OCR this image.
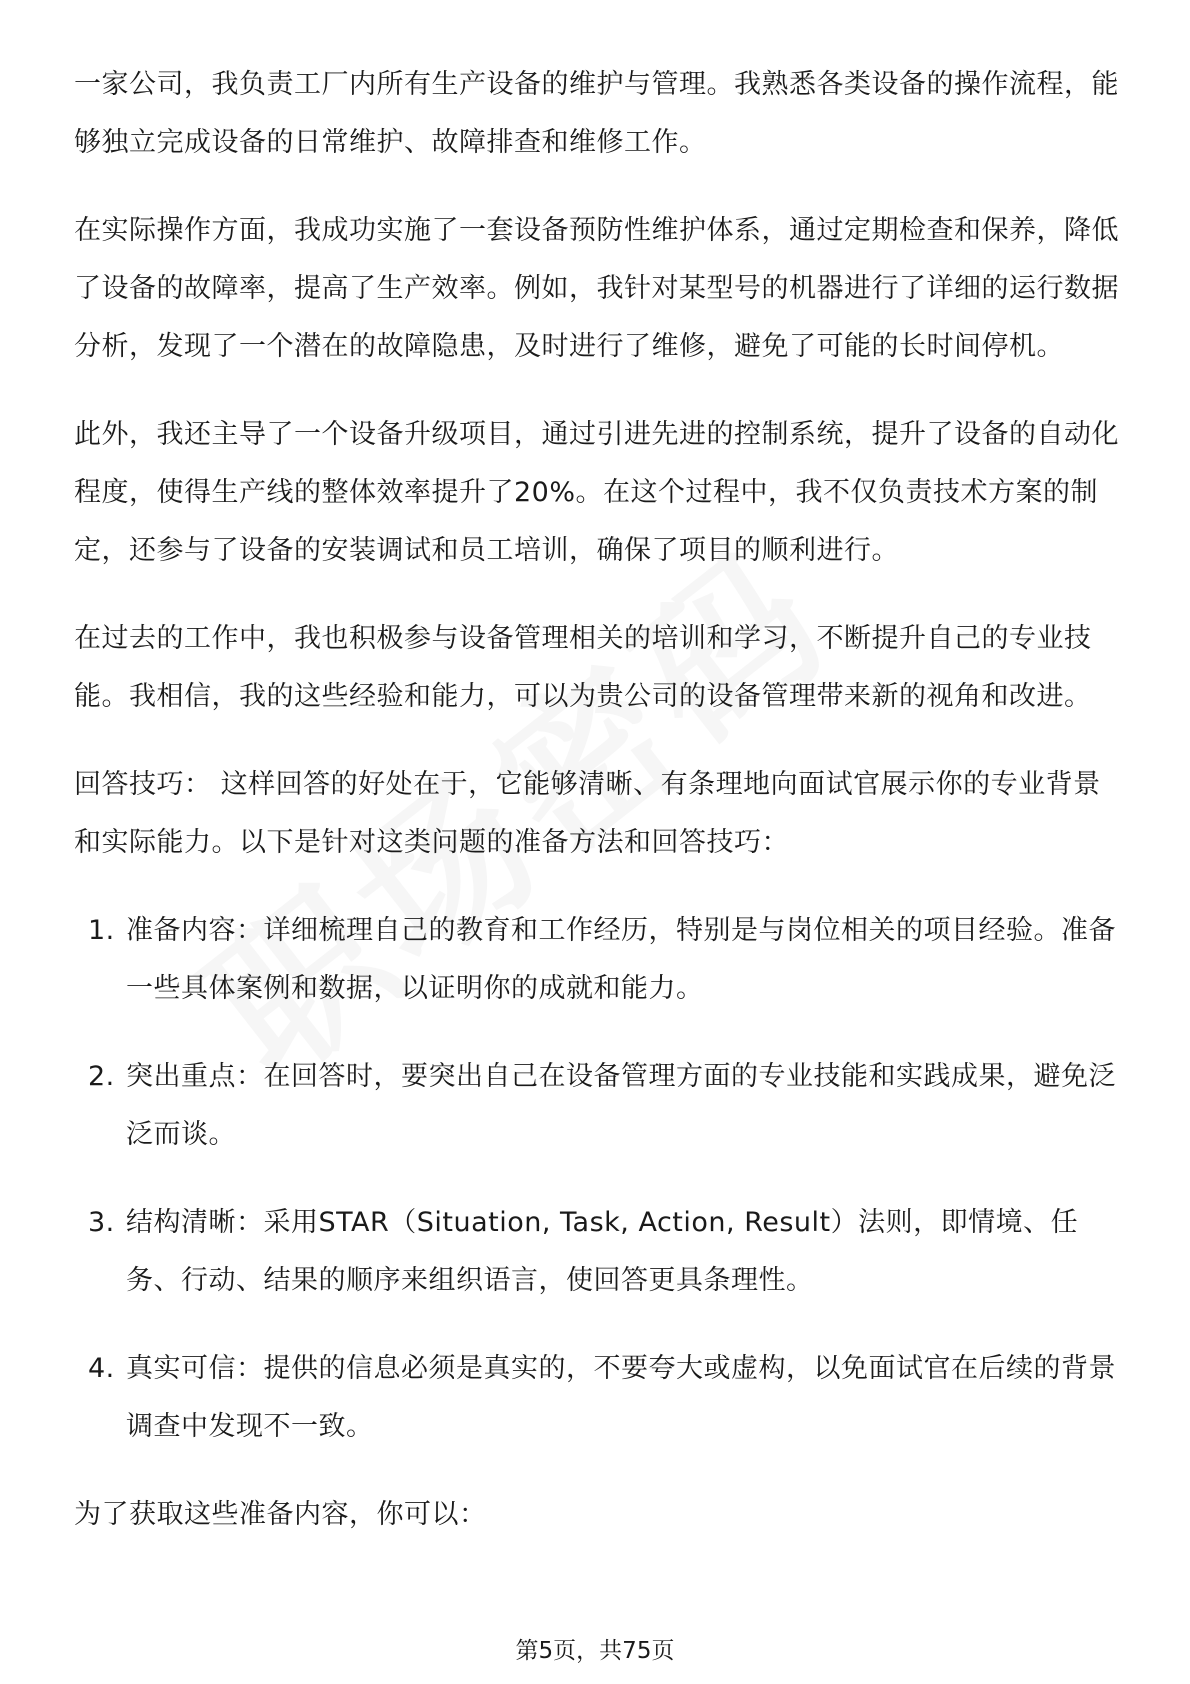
一家公司，我负责工厂内所有生产设备的维护与管理。我熟悉各类设备的操作流程，能够独立完成设备的日常维护、故障排查和维修工作。

在实际操作方面，我成功实施了一套设备预防性维护体系，通过定期检查和保养，降低了设备的故障率，提高了生产效率。例如，我针对某型号的机器进行了详细的运行数据分析，发现了一个潜在的故障隐患，及时进行了维修，避免了可能的长时间停机。

此外，我还主导了一个设备升级项目，通过引进先进的控制系统，提升了设备的自动化程度，使得生产线的整体效率提升了20%。在这个过程中，我不仅负责技术方案的制定，还参与了设备的安装调试和员工培训，确保了项目的顺利进行。

在过去的工作中，我也积极参与设备管理相关的培训和学习，不断提升自己的专业技能。我相信，我的这些经验和能力，可以为贵公司的设备管理带来新的视角和改进。

回答技巧： 这样回答的好处在于，它能够清晰、有条理地向面试官展示你的专业背景和实际能力。以下是针对这类问题的准备方法和回答技巧：

1. 准备内容：详细梳理自己的教育和工作经历，特别是与岗位相关的项目经验。准备一些具体案例和数据，以证明你的成就和能力。
2. 突出重点：在回答时，要突出自己在设备管理方面的专业技能和实践成果，避免泛泛而谈。
3. 结构清晰：采用STAR（Situation, Task, Action, Result）法则，即情境、任务、行动、结果的顺序来组织语言，使回答更具条理性。
4. 真实可信：提供的信息必须是真实的，不要夸大或虚构，以免面试官在后续的背景调查中发现不一致。

为了获取这些准备内容，你可以：

第5页，共75页
